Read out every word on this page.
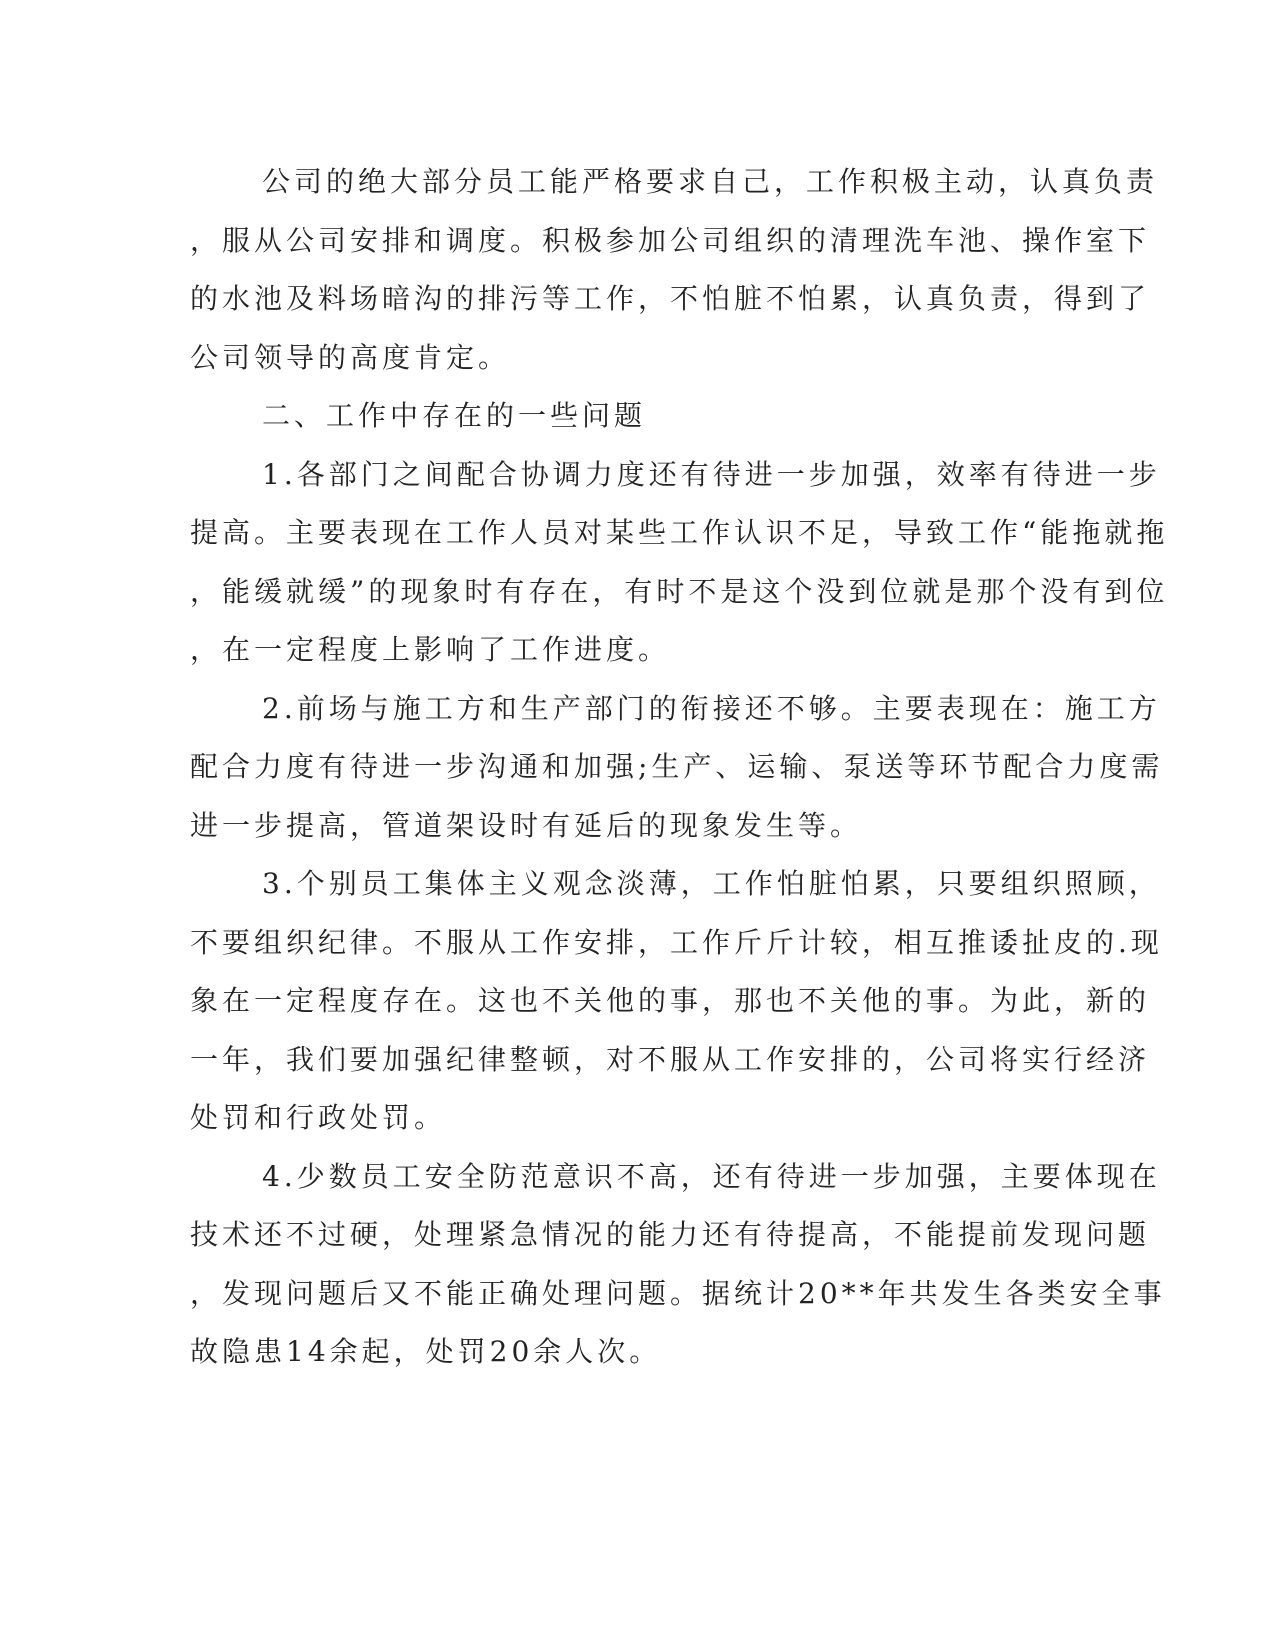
公司的绝大部分员工能严格要求自己，工作积极主动，认真负责

，服从公司安排和调度。积极参加公司组织的清理洗车池、操作室下

的水池及料场暗沟的排污等工作，不怕脏不怕累，认真负责，得到了

公司领导的高度肯定。

二、工作中存在的一些问题

1.各部门之间配合协调力度还有待进一步加强，效率有待进一步

提高。主要表现在工作人员对某些工作认识不足，导致工作“能拖就拖

，能缓就缓”的现象时有存在，有时不是这个没到位就是那个没有到位

，在一定程度上影响了工作进度。

2.前场与施工方和生产部门的衔接还不够。主要表现在：施工方

配合力度有待进一步沟通和加强;生产、运输、泵送等环节配合力度需

进一步提高，管道架设时有延后的现象发生等。

3.个别员工集体主义观念淡薄，工作怕脏怕累，只要组织照顾，

不要组织纪律。不服从工作安排，工作斤斤计较，相互推诿扯皮的.现

象在一定程度存在。这也不关他的事，那也不关他的事。为此，新的

一年，我们要加强纪律整顿，对不服从工作安排的，公司将实行经济

处罚和行政处罚。

4.少数员工安全防范意识不高，还有待进一步加强，主要体现在

技术还不过硬，处理紧急情况的能力还有待提高，不能提前发现问题

，发现问题后又不能正确处理问题。据统计20**年共发生各类安全事

故隐患14余起，处罚20余人次。
